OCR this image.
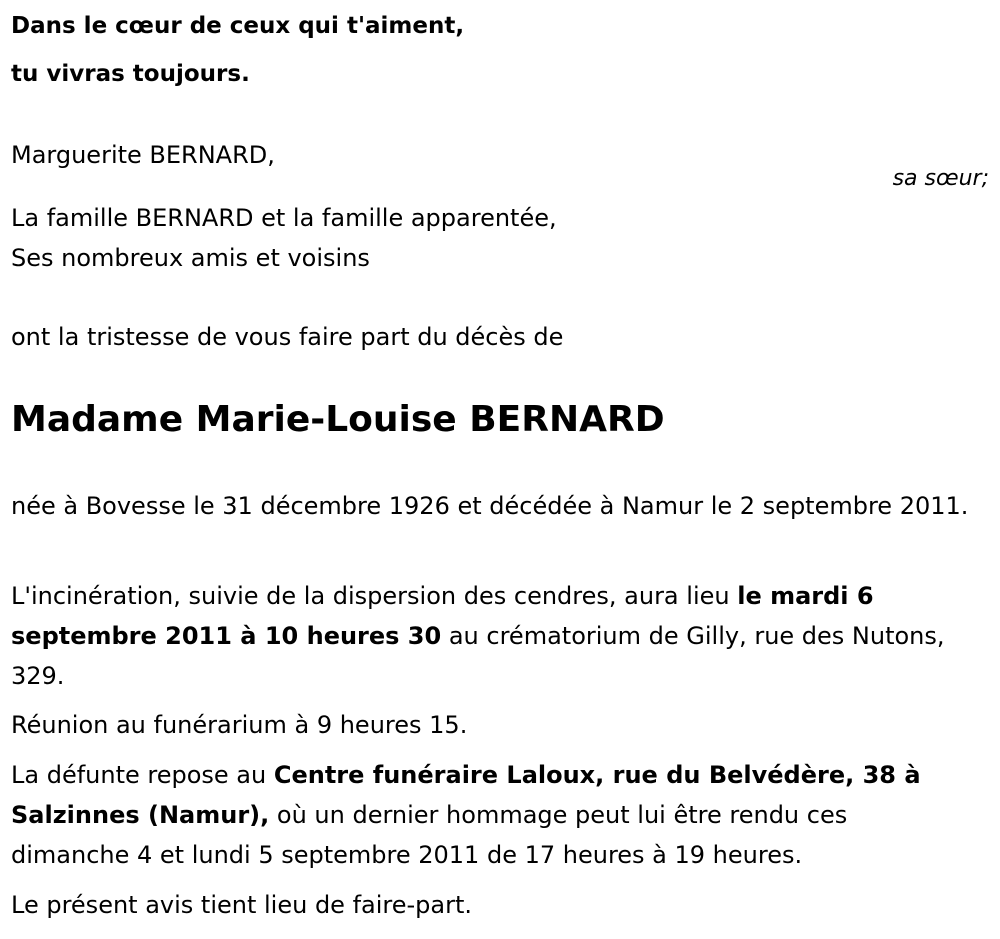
Dans le cœur de ceux qui t'aiment,
tu vivras toujours.
Marguerite BERNARD,
sa sœur;
La famille BERNARD et la famille apparentée,
Ses nombreux amis et voisins
ont la tristesse de vous faire part du décès de
Madame Marie-Louise BERNARD
née à Bovesse le 31 décembre 1926 et décédée à Namur le 2 septembre 2011.
L'incinération, suivie de la dispersion des cendres, aura lieu le mardi 6 septembre 2011 à 10 heures 30 au crématorium de Gilly, rue des Nutons, 329.
Réunion au funérarium à 9 heures 15.
La défunte repose au Centre funéraire Laloux, rue du Belvédère, 38 à Salzinnes (Namur), où un dernier hommage peut lui être rendu ces dimanche 4 et lundi 5 septembre 2011 de 17 heures à 19 heures.
Le présent avis tient lieu de faire-part.
